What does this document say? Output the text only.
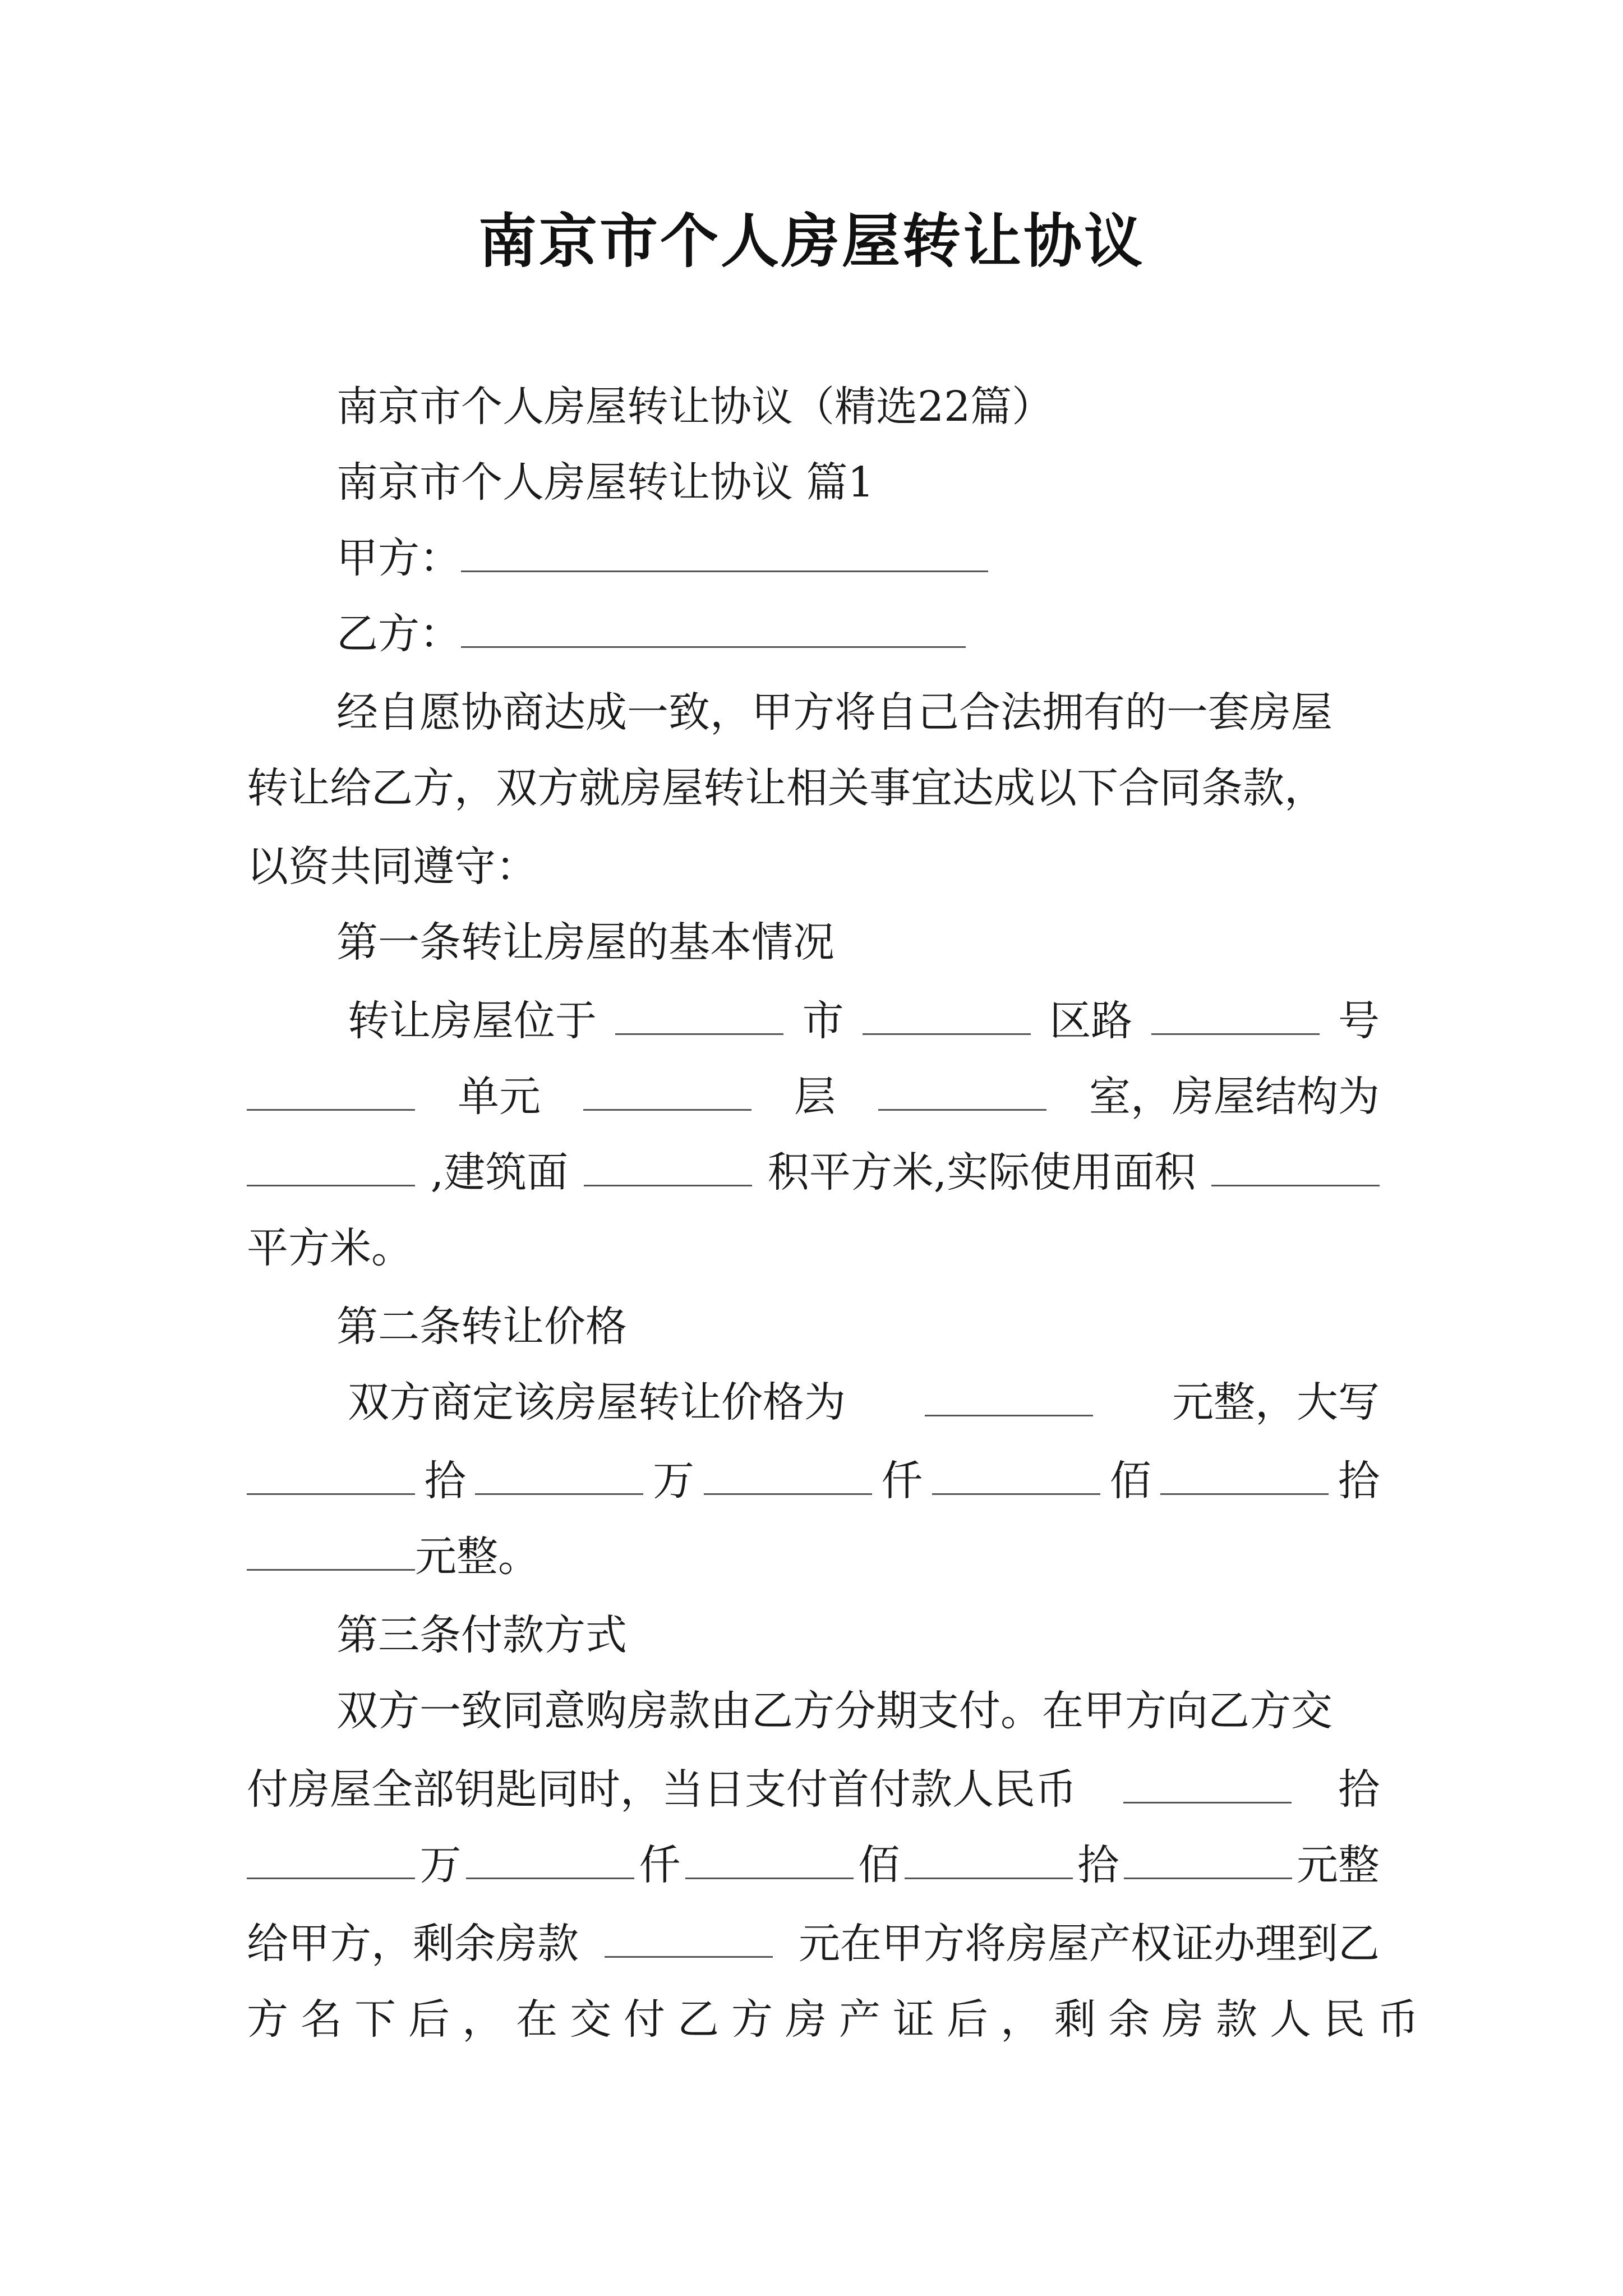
南京市个人房屋转让协议
南京市个人房屋转让协议（精选22篇）
南京市个人房屋转让协议 篇1
甲方：
乙方：
经自愿协商达成一致，甲方将自己合法拥有的一套房屋
转让给乙方，双方就房屋转让相关事宜达成以下合同条款，
以资共同遵守：
第一条转让房屋的基本情况
转让房屋位于	市	区路	号
单元	层	室，房屋结构为
,建筑面	积平方米,实际使用面积
平方米。
第二条转让价格
双方商定该房屋转让价格为	元整，大写
拾	万	仟	佰	拾
元整。
第三条付款方式
双方一致同意购房款由乙方分期支付。在甲方向乙方交
付房屋全部钥匙同时，当日支付首付款人民币	拾
万	仟	佰	拾	元整
给甲方，剩余房款	元在甲方将房屋产权证办理到乙
方名下后，在交付乙方房产证后，剩余房款人民币
